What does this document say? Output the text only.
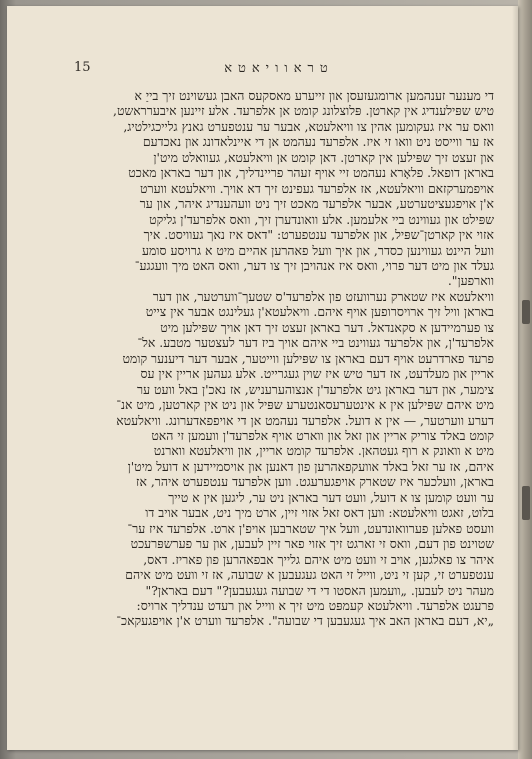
טראוויאטא
15
די מענער זענהמען ארומגעזעסן און זייערע מאסקעס האבן געשוינט זיך בייַ א
טיש שפּילענדיג אין קארטן. פּלוצלונג קומט אן אלפרעד. אלע זיינען איבערראשט,
וואס ער איז געקומען אהין צו וויאלעטא, אבער ער ענטפערט גאנץ גלייכגילטיג,
אז ער ווייסט ניט וואו זי איז. אלפרעד נעהמט אן די איינלאדונג און נאכדעם
און זעצט זיך שפּילען אין קארטן. דאן קומט אן וויאלעטא, געוואלט מיט'ן
באראן דופאל. פלאָרא נעהמט זיי אויף זעהר פריינדליך, און דער באראן מאכט
אויפמערקזאם וויאלעטא, אז אלפרעד געפינט זיך דא אויך. וויאלעטא ווערט
א'ן אויפגעציטערטע, אבער אלפרעד מאכט זיך ניט וועהענדיג איהר, און ער
שפּילט און געווינט ביי אלעמען. אלע וואונדערן זיך, וואס אלפרעד'ן גליקט
אזוי אין קארטן־שפּיל, און אלפרעד ענטפערט: "דאס איז נאך געוויסט. איך
וועל היינט געווינען כסדר, און איך וועל פאהרען אהיים מיט א גרויסע סומע
געלד און מיט דער פרוי, וואס איז אנהויבן זיך צו דער, וואס האט מיך וועגגע־
ווארפען".
וויאלעטא איז שטארק נערוועזט פון אלפרעד'ס שטעך־ווערטער, און דער
באראן וויל זיך ארויסרופען אויף איהם. וויאלעטא'ן געלינגט אבער אין צייט
צו פערמיידען א סקאנדאל. דער באראן זעצט זיך דאן אויך שפּילען מיט
אלפרעד'ן, און אלפרעד געווינט ביי איהם אויך ביז דער לעצטער מטבע. אל־
פרעד פארדרעט אויף דעם באראן צו שפּילען ווייטער, אבער דער דיענער קומט
אריין און מעלדעט, אז דער טיש איז שוין געגרייט. אלע געהען אריין אין עס
צימער, און דער באראן גיט אלפרעד'ן אנצוהערעניש, אז נאכ'ן באל וועט ער
מיט איהם שפּילען אין א אינטערעסאנטערע שפּיל און ניט אין קארטען, מיט אנ־
דערע ווערטער, — אין א דועל. אלפרעד נעהמט אן די אויפפאדערונג. וויאלעטא
קומט באלד צוריק אריין און זאל און ווארט אויף אלפרעד'ן וועמען זי האט
מיט א וואונק א רוף געטהאן. אלפרעד קומט אריין, און וויאלעטא ווארנט
איהם, אז ער זאל באלד אוועקפאהרען פון דאנען און אויסמיידען א דועל מיט'ן
באראן, וועלכער איז שטארק אויפגערעגט. ווען אלפרעד ענטפערט איהר, אז
ער וועט קומען צו א דועל, וועט דער באראן ניט ער, ליגען אין א טייך
בלוט, זאגט וויאלעטא: ווען דאס זאל אזוי זיין, ארט מיך ניט, אבער אויב דו
וועסט פאלען פערוואונדעט, וועל איך שטארבען אויפ'ן ארט. אלפרעד איז ער־
שטוינט פון דעם, וואס זי זארגט זיך אזוי פאר זיין לעבען, און ער פערשפּרעכט
איהר צו פאלגען, אויב זי וועט מיט איהם גלייך אבפאהרען פון פאריז. דאס,
ענטפערט זי, קען זי ניט, ווייל זי האט געגעבען א שבועה, אז זי וועט מיט איהם
מעהר ניט לעבען. „וועמען האסטו די די שבועה געגעבען?" דעם באראן?"
פרעגט אלפרעד. וויאלעטא קעמפּט מיט זיך א ווייל און רעדט ענדליך ארויס:
„יא, דעם באראן האב איך געגעבען די שבועה". אלפרעד ווערט א'ן אויפגעקאכ־
